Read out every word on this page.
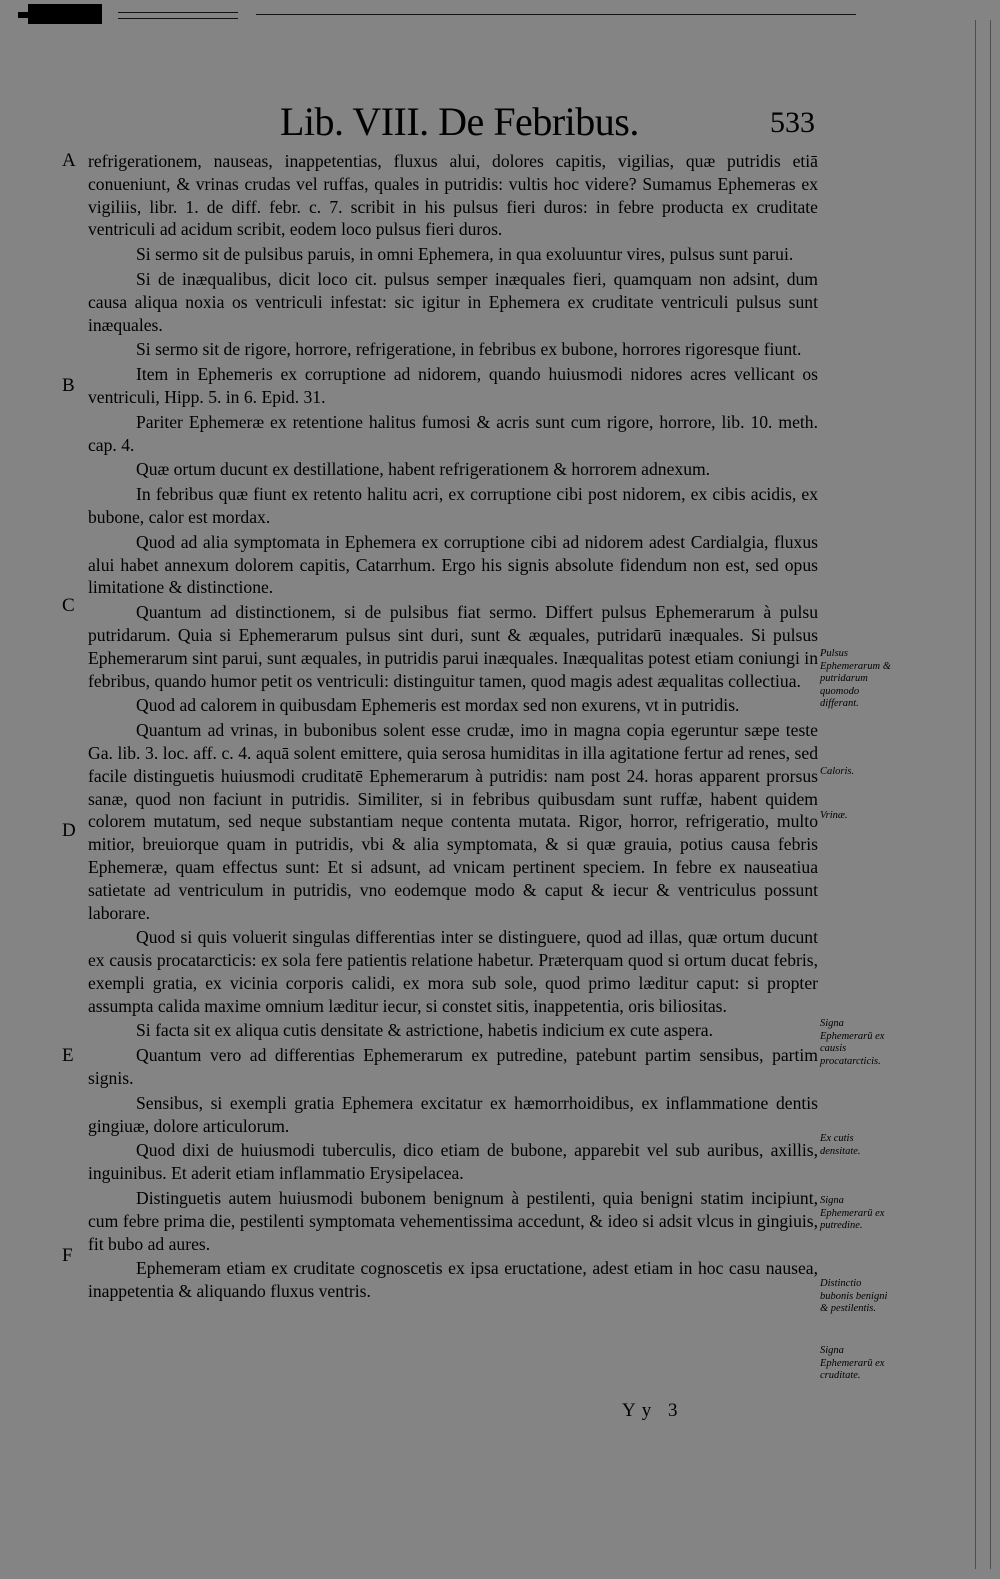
Lib. VIII. De Febribus.	533
A
B
C
D
E
F

refrigerationem, nauseas, inappetentias, fluxus alui, dolores capitis, vigilias, quæ putridis etiā conueniunt, & vrinas crudas vel ruffas, quales in putridis: vultis hoc videre? Sumamus Ephemeras ex vigiliis, libr. 1. de diff. febr. c. 7. scribit in his pulsus fieri duros: in febre producta ex cruditate ventriculi ad acidum scribit, eodem loco pulsus fieri duros.

Si sermo sit de pulsibus paruis, in omni Ephemera, in qua exoluuntur vires, pulsus sunt parui.

Si de inæqualibus, dicit loco cit. pulsus semper inæquales fieri, quamquam non adsint, dum causa aliqua noxia os ventriculi infestat: sic igitur in Ephemera ex cruditate ventriculi pulsus sunt inæquales.

Si sermo sit de rigore, horrore, refrigeratione, in febribus ex bubone, horrores rigoresque fiunt.

Item in Ephemeris ex corruptione ad nidorem, quando huiusmodi nidores acres vellicant os ventriculi, Hipp. 5. in 6. Epid. 31.

Pariter Ephemeræ ex retentione halitus fumosi & acris sunt cum rigore, horrore, lib. 10. meth. cap. 4.

Quæ ortum ducunt ex destillatione, habent refrigerationem & horrorem adnexum.

In febribus quæ fiunt ex retento halitu acri, ex corruptione cibi post nidorem, ex cibis acidis, ex bubone, calor est mordax.

Quod ad alia symptomata in Ephemera ex corruptione cibi ad nidorem adest Cardialgia, fluxus alui habet annexum dolorem capitis, Catarrhum. Ergo his signis absolute fidendum non est, sed opus limitatione & distinctione.

Quantum ad distinctionem, si de pulsibus fiat sermo. Differt pulsus Ephemerarum à pulsu putridarum. Quia si Ephemerarum pulsus sint duri, sunt & æquales, putridarū inæquales. Si pulsus Ephemerarum sint parui, sunt æquales, in putridis parui inæquales. Inæqualitas potest etiam coniungi in febribus, quando humor petit os ventriculi: distinguitur tamen, quod magis adest æqualitas collectiua.

Quod ad calorem in quibusdam Ephemeris est mordax sed non exurens, vt in putridis.

Quantum ad vrinas, in bubonibus solent esse crudæ, imo in magna copia egeruntur sæpe teste Ga. lib. 3. loc. aff. c. 4. aquā solent emittere, quia serosa humiditas in illa agitatione fertur ad renes, sed facile distinguetis huiusmodi cruditatē Ephemerarum à putridis: nam post 24. horas apparent prorsus sanæ, quod non faciunt in putridis. Similiter, si in febribus quibusdam sunt ruffæ, habent quidem colorem mutatum, sed neque substantiam neque contenta mutata. Rigor, horror, refrigeratio, multo mitior, breuiorque quam in putridis, vbi & alia symptomata, & si quæ grauia, potius causa febris Ephemeræ, quam effectus sunt: Et si adsunt, ad vnicam pertinent speciem. In febre ex nauseatiua satietate ad ventriculum in putridis, vno eodemque modo & caput & iecur & ventriculus possunt laborare.

Quod si quis voluerit singulas differentias inter se distinguere, quod ad illas, quæ ortum ducunt ex causis procatarcticis: ex sola fere patientis relatione habetur. Præterquam quod si ortum ducat febris, exempli gratia, ex vicinia corporis calidi, ex mora sub sole, quod primo læditur caput: si propter assumpta calida maxime omnium læditur iecur, si constet sitis, inappetentia, oris biliositas.

Si facta sit ex aliqua cutis densitate & astrictione, habetis indicium ex cute aspera.

Quantum vero ad differentias Ephemerarum ex putredine, patebunt partim sensibus, partim signis.

Sensibus, si exempli gratia Ephemera excitatur ex hæmorrhoidibus, ex inflammatione dentis gingiuæ, dolore articulorum.

Quod dixi de huiusmodi tuberculis, dico etiam de bubone, apparebit vel sub auribus, axillis, inguinibus. Et aderit etiam inflammatio Erysipelacea.

Distinguetis autem huiusmodi bubonem benignum à pestilenti, quia benigni statim incipiunt, cum febre prima die, pestilenti symptomata vehementissima accedunt, & ideo si adsit vlcus in gingiuis, fit bubo ad aures.

Ephemeram etiam ex cruditate cognoscetis ex ipsa eructatione, adest etiam in hoc casu nausea, inappetentia & aliquando fluxus ventris.

Pulsus Ephemerarum & putridarum quomodo differant.
Caloris.
Vrinæ.
Signa Ephemerarū ex causis procatarcticis.
Ex cutis densitate.
Signa Ephemerarū ex putredine.
Distinctio bubonis benigni & pestilentis.
Signa Ephemerarū ex cruditate.
Yy 3
